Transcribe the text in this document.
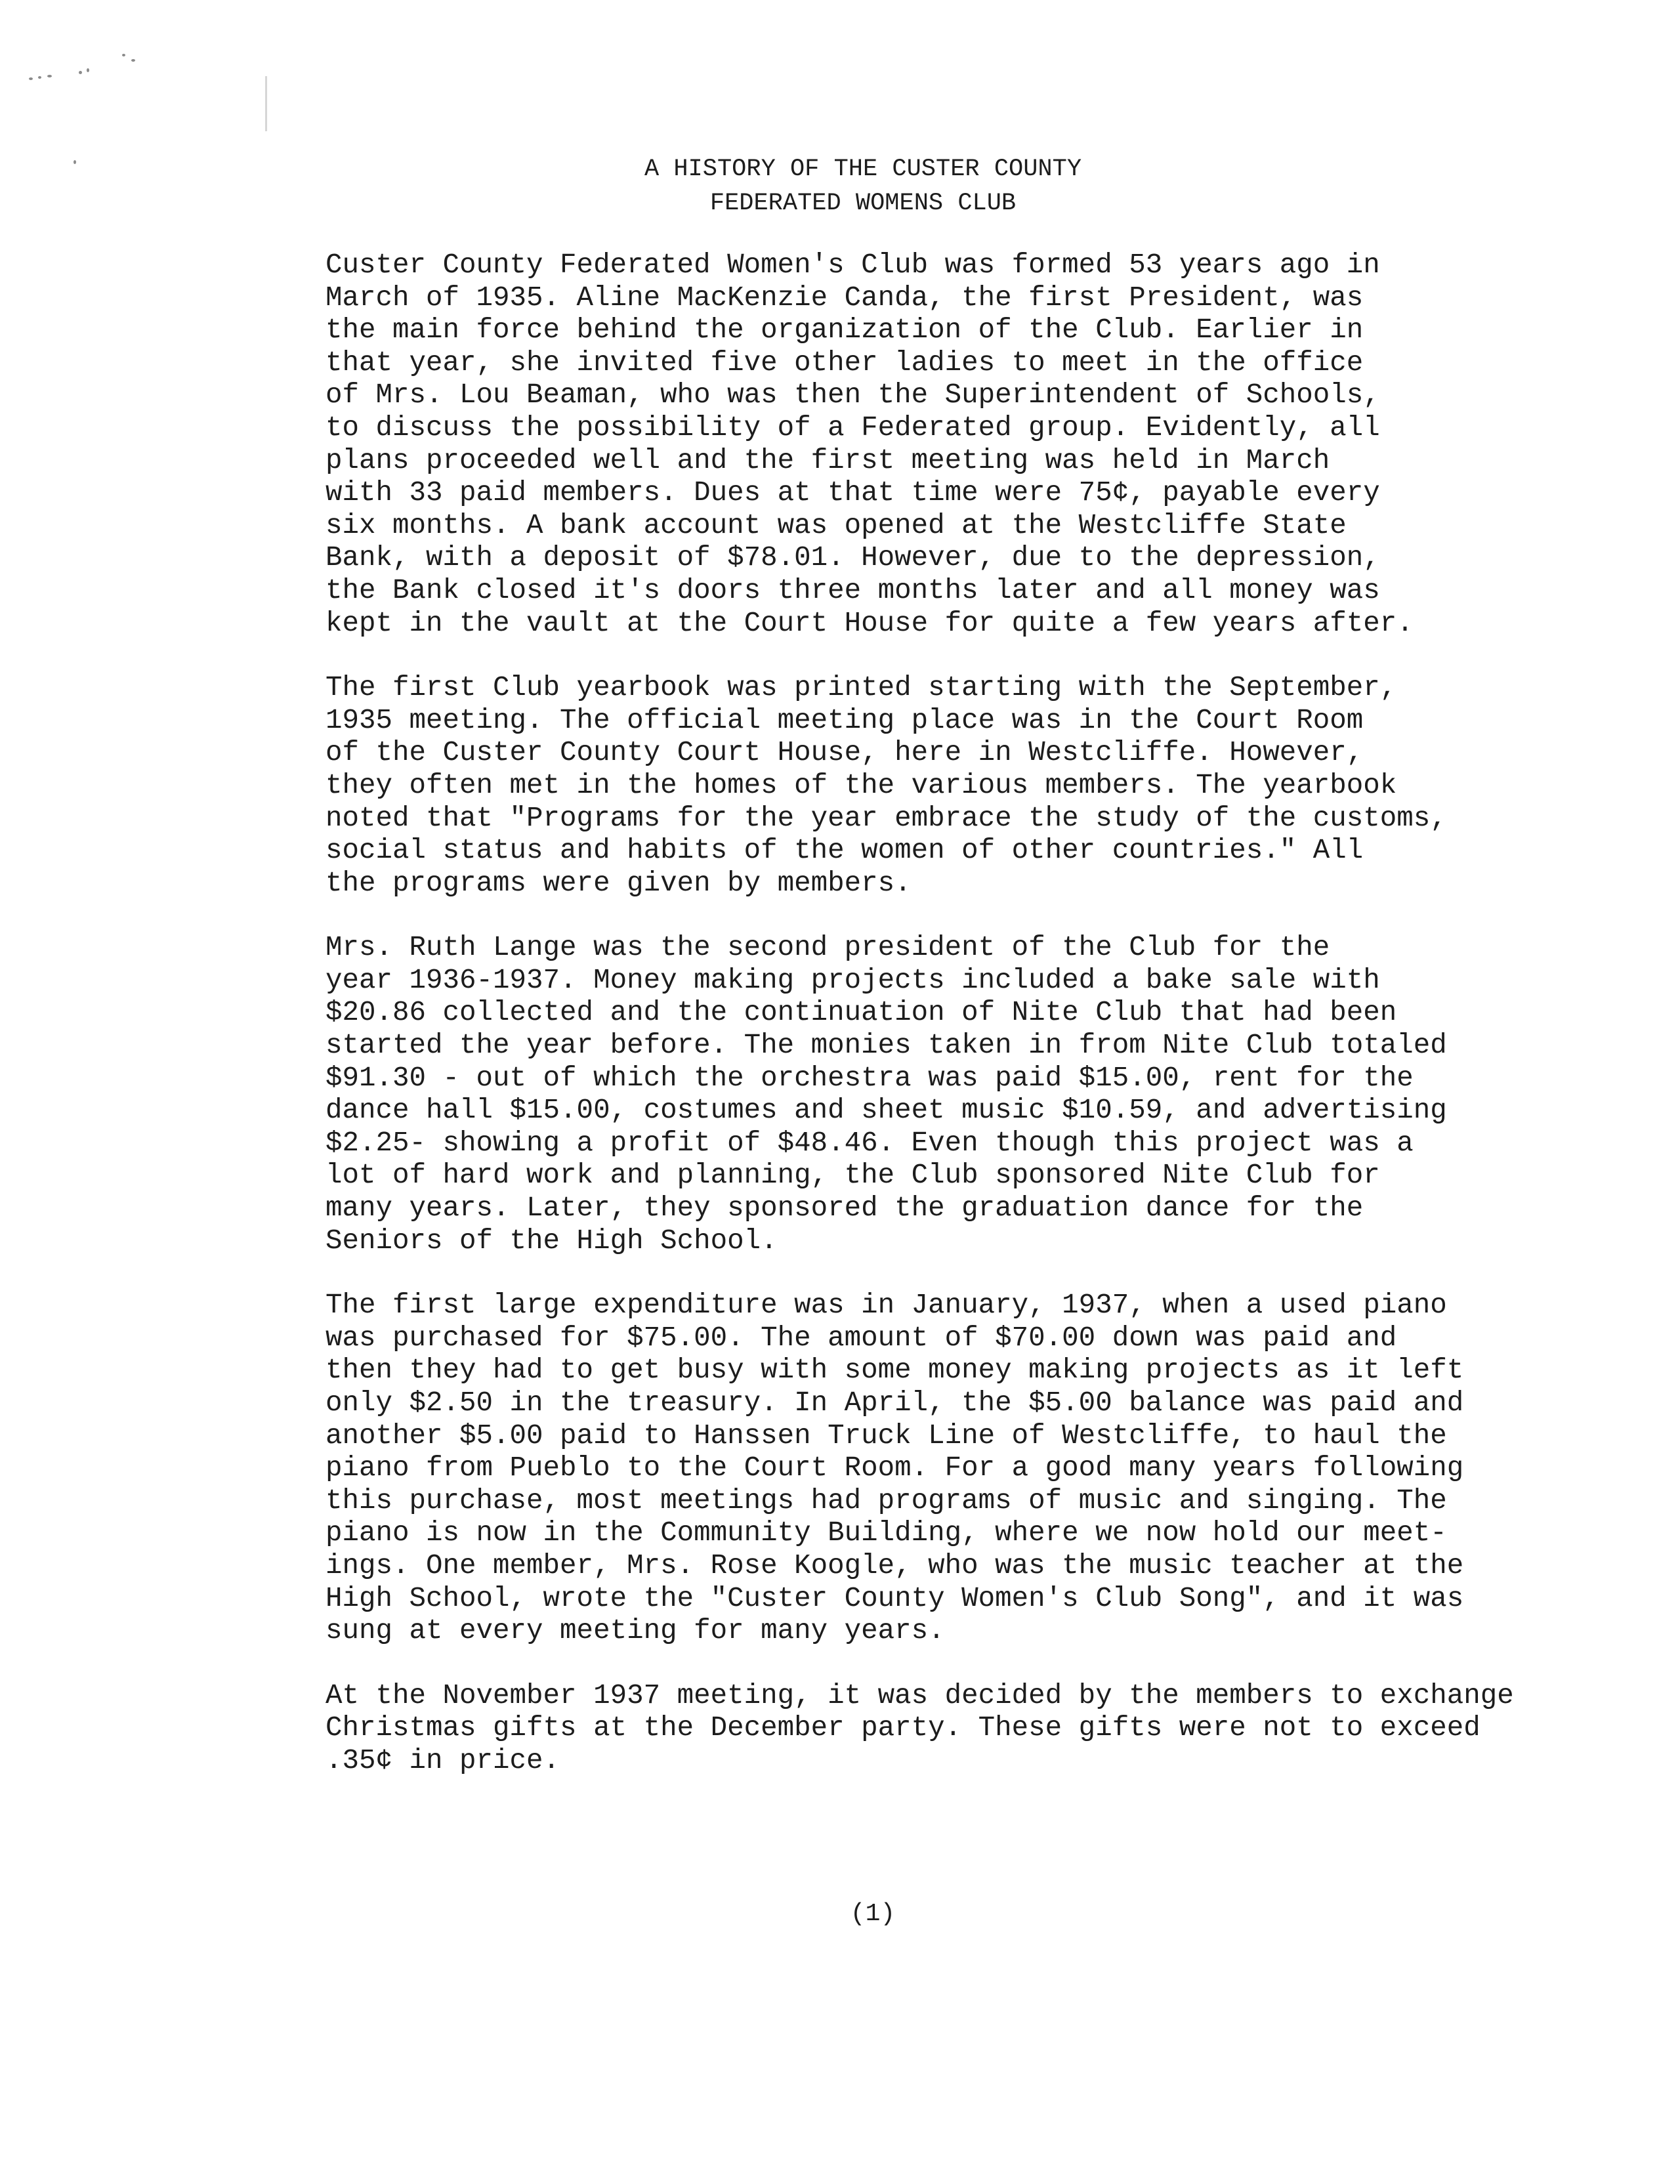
A HISTORY OF THE CUSTER COUNTY
FEDERATED WOMENS CLUB
Custer County Federated Women's Club was formed 53 years ago in
March of 1935. Aline MacKenzie Canda, the first President, was
the main force behind the organization of the Club. Earlier in
that year, she invited five other ladies to meet in the office
of Mrs. Lou Beaman, who was then the Superintendent of Schools,
to discuss the possibility of a Federated group. Evidently, all
plans proceeded well and the first meeting was held in March
with 33 paid members. Dues at that time were 75¢, payable every
six months. A bank account was opened at the Westcliffe State
Bank, with a deposit of $78.01. However, due to the depression,
the Bank closed it's doors three months later and all money was
kept in the vault at the Court House for quite a few years after.
The first Club yearbook was printed starting with the September,
1935 meeting. The official meeting place was in the Court Room
of the Custer County Court House, here in Westcliffe. However,
they often met in the homes of the various members. The yearbook
noted that "Programs for the year embrace the study of the customs,
social status and habits of the women of other countries." All
the programs were given by members.
Mrs. Ruth Lange was the second president of the Club for the
year 1936-1937. Money making projects included a bake sale with
$20.86 collected and the continuation of Nite Club that had been
started the year before. The monies taken in from Nite Club totaled
$91.30 - out of which the orchestra was paid $15.00, rent for the
dance hall $15.00, costumes and sheet music $10.59, and advertising
$2.25- showing a profit of $48.46. Even though this project was a
lot of hard work and planning, the Club sponsored Nite Club for
many years. Later, they sponsored the graduation dance for the
Seniors of the High School.
The first large expenditure was in January, 1937, when a used piano
was purchased for $75.00. The amount of $70.00 down was paid and
then they had to get busy with some money making projects as it left
only $2.50 in the treasury. In April, the $5.00 balance was paid and
another $5.00 paid to Hanssen Truck Line of Westcliffe, to haul the
piano from Pueblo to the Court Room. For a good many years following
this purchase, most meetings had programs of music and singing. The
piano is now in the Community Building, where we now hold our meet-
ings. One member, Mrs. Rose Koogle, who was the music teacher at the
High School, wrote the "Custer County Women's Club Song", and it was
sung at every meeting for many years.
At the November 1937 meeting, it was decided by the members to exchange
Christmas gifts at the December party. These gifts were not to exceed
.35¢ in price.
(1)
